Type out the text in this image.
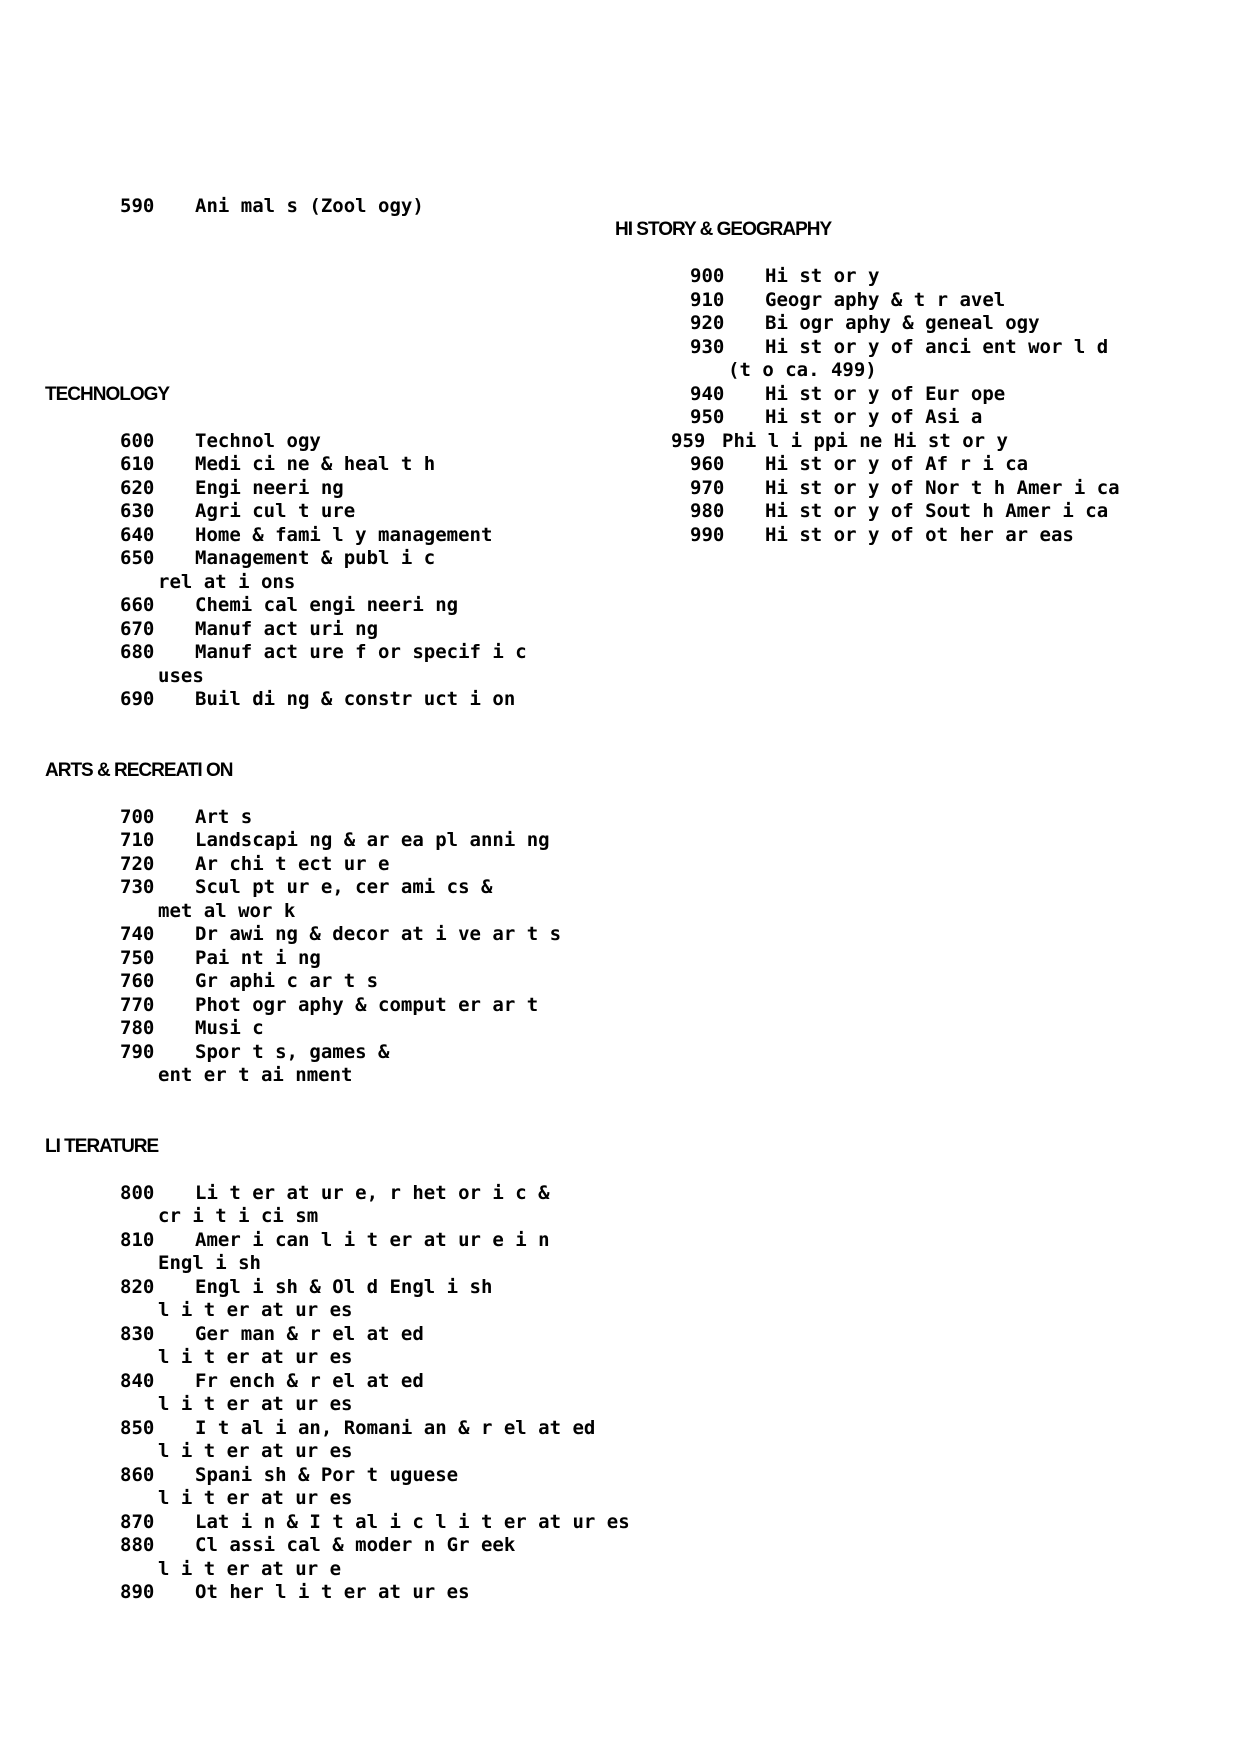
590 Ani mal s (Zool ogy)
TECHNOLOGY
600 Technol ogy
610 Medi ci ne & heal t h
620 Engi neeri ng
630 Agri cul t ure
640 Home & fami l y management
650 Management & publ i c
rel at i ons
660 Chemi cal engi neeri ng
670 Manuf act uri ng
680 Manuf act ure f or specif i c
uses
690 Buil di ng & constr uct i on
ARTS & RECREATI ON
700 Art s
710 Landscapi ng & ar ea pl anni ng
720 Ar chi t ect ur e
730 Scul pt ur e, cer ami cs &
met al wor k
740 Dr awi ng & decor at i ve ar t s
750 Pai nt i ng
760 Gr aphi c ar t s
770 Phot ogr aphy & comput er ar t
780 Musi c
790 Spor t s, games &
ent er t ai nment
LI TERATURE
800 Li t er at ur e, r het or i c &
cr i t i ci sm
810 Amer i can l i t er at ur e i n
Engl i sh
820 Engl i sh & Ol d Engl i sh
l i t er at ur es
830 Ger man & r el at ed
l i t er at ur es
840 Fr ench & r el at ed
l i t er at ur es
850 I t al i an, Romani an & r el at ed
l i t er at ur es
860 Spani sh & Por t uguese
l i t er at ur es
870 Lat i n & I t al i c l i t er at ur es
880 Cl assi cal & moder n Gr eek
l i t er at ur e
890 Ot her l i t er at ur es
HI STORY & GEOGRAPHY
900 Hi st or y
910 Geogr aphy & t r avel
920 Bi ogr aphy & geneal ogy
930 Hi st or y of anci ent wor l d
(t o ca. 499)
940 Hi st or y of Eur ope
950 Hi st or y of Asi a
959 Phi l i ppi ne Hi st or y
960 Hi st or y of Af r i ca
970 Hi st or y of Nor t h Amer i ca
980 Hi st or y of Sout h Amer i ca
990 Hi st or y of ot her ar eas
